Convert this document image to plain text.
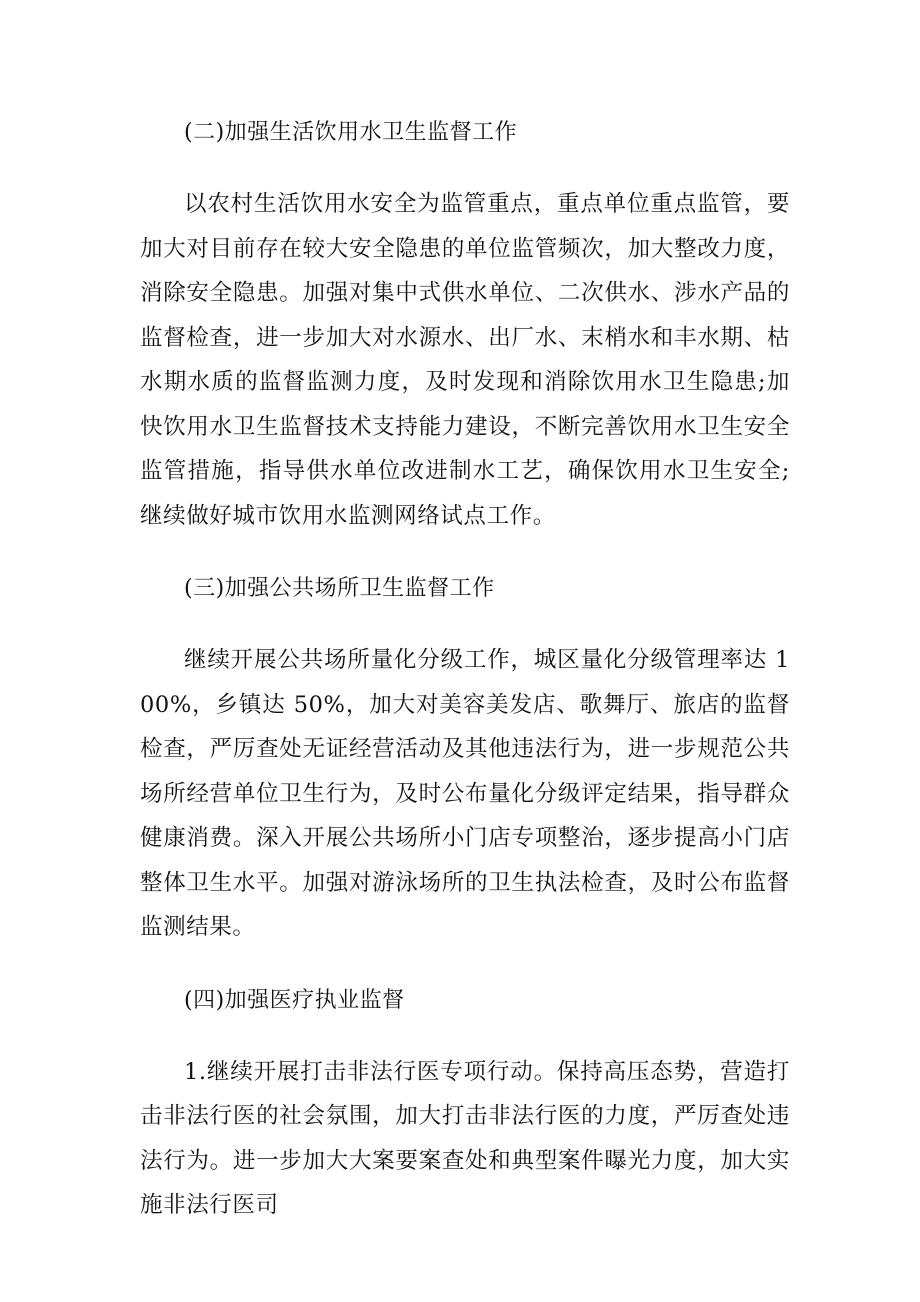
(二)加强生活饮用水卫生监督工作
以农村生活饮用水安全为监管重点，重点单位重点监管，要加大对目前存在较大安全隐患的单位监管频次，加大整改力度，消除安全隐患。加强对集中式供水单位、二次供水、涉水产品的监督检查，进一步加大对水源水、出厂水、末梢水和丰水期、枯水期水质的监督监测力度，及时发现和消除饮用水卫生隐患;加快饮用水卫生监督技术支持能力建设，不断完善饮用水卫生安全监管措施，指导供水单位改进制水工艺，确保饮用水卫生安全;继续做好城市饮用水监测网络试点工作。
(三)加强公共场所卫生监督工作
继续开展公共场所量化分级工作，城区量化分级管理率达 100%，乡镇达 50%，加大对美容美发店、歌舞厅、旅店的监督检查，严厉查处无证经营活动及其他违法行为，进一步规范公共场所经营单位卫生行为，及时公布量化分级评定结果，指导群众健康消费。深入开展公共场所小门店专项整治，逐步提高小门店整体卫生水平。加强对游泳场所的卫生执法检查，及时公布监督监测结果。
(四)加强医疗执业监督
1.继续开展打击非法行医专项行动。保持高压态势，营造打击非法行医的社会氛围，加大打击非法行医的力度，严厉查处违法行为。进一步加大大案要案查处和典型案件曝光力度，加大实施非法行医司
